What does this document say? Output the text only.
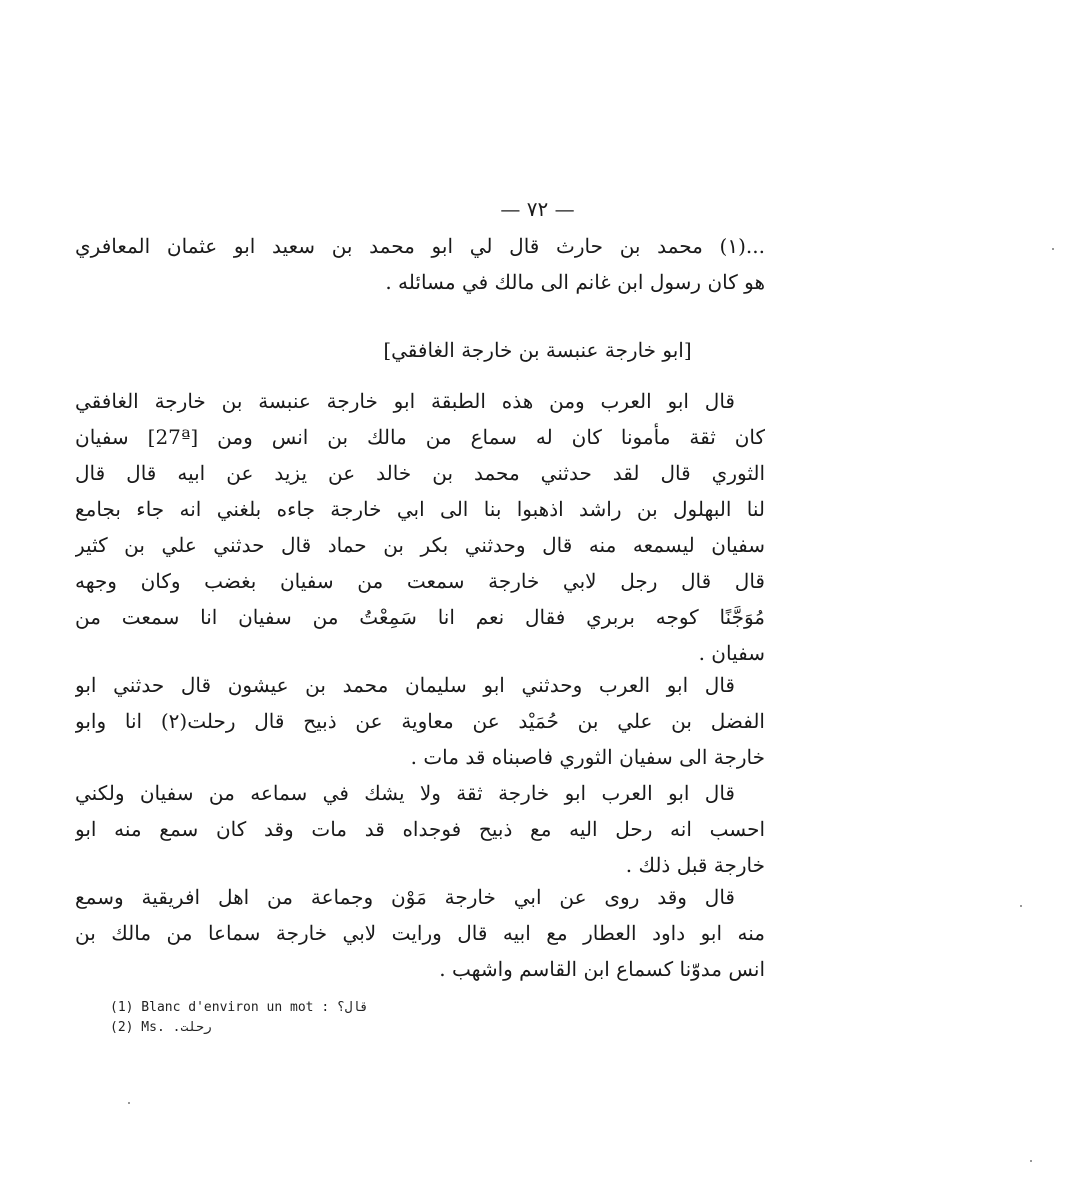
— ٧٢ —
...(١) محمد بن حارث قال لي ابو محمد بن سعيد ابو عثمان المعافري
هو كان رسول ابن غانم الى مالك في مسائله .
[ابو خارجة عنبسة بن خارجة الغافقي]
قال ابو العرب ومن هذه الطبقة ابو خارجة عنبسة بن خارجة الغافقي
كان ثقة مأمونا كان له سماع من مالك بن انس ومن [27ª] سفيان
الثوري قال لقد حدثني محمد بن خالد عن يزيد عن ابيه قال قال
لنا البهلول بن راشد اذهبوا بنا الى ابي خارجة جاءه بلغني انه جاء بجامع
سفيان ليسمعه منه قال وحدثني بكر بن حماد قال حدثني علي بن كثير
قال قال رجل لابي خارجة سمعت من سفيان بغضب وكان وجهه
مُوَجَّنًا كوجه بربري فقال نعم انا سَمِعْتُ من سفيان انا سمعت من
سفيان .
قال ابو العرب وحدثني ابو سليمان محمد بن عيشون قال حدثني ابو
الفضل بن علي بن حُمَيْد عن معاوية عن ذبيح قال رحلت(٢) انا وابو
خارجة الى سفيان الثوري فاصبناه قد مات .
قال ابو العرب ابو خارجة ثقة ولا يشك في سماعه من سفيان ولكني
احسب انه رحل اليه مع ذبيح فوجداه قد مات وقد كان سمع منه ابو
خارجة قبل ذلك .
قال وقد روى عن ابي خارجة مَوْن وجماعة من اهل افريقية وسمع
منه ابو داود العطار مع ابيه قال ورايت لابي خارجة سماعا من مالك بن
انس مدوّنا كسماع ابن القاسم واشهب .
(1) Blanc d'environ un mot : قال؟
(2) Ms. رحلت.
